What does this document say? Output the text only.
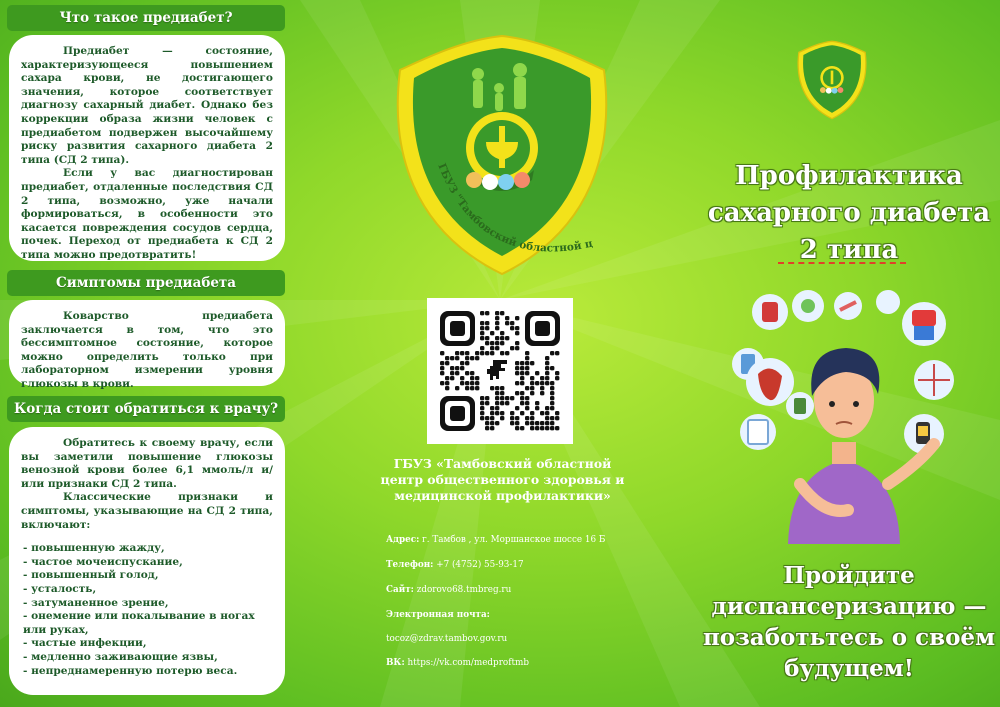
Что такое предиабет?

Предиабет — состояние, характеризующееся повышением сахара крови, не достигающего значения, которое соответствует диагнозу сахарный диабет. Однако без коррекции образа жизни человек с предиабетом подвержен высочайшему риску развития сахарного диабета 2 типа (СД 2 типа).

Если у вас диагностирован предиабет, отдаленные последствия СД 2 типа, возможно, уже начали формироваться, в особенности это касается повреждения сосудов сердца, почек. Переход от предиабета к СД 2 типа можно предотвратить!

Симптомы предиабета

Коварство предиабета заключается в том, что это бессимптомное состояние, которое можно определить только при лабораторном измерении уровня глюкозы в крови.

Когда стоит обратиться к врачу?

Обратитесь к своему врачу, если вы заметили повышение глюкозы венозной крови более 6,1 ммоль/л и/или признаки СД 2 типа.

Классические признаки и симптомы, указывающие на СД 2 типа, включают:

- повышенную жажду,
- частое мочеиспускание,
- повышенный голод,
- усталость,
- затуманенное зрение,
- онемение или покалывание в ногах или руках,
- частые инфекции,
- медленно заживающие язвы,
- непреднамеренную потерю веса.
ГБУЗ "Тамбовский областной центр
ГБУЗ «Тамбовский областной центр общественного здоровья и медицинской профилактики»
Адрес: г. Тамбов , ул. Моршанское шоссе 16 Б
Телефон: +7 (4752) 55-93-17
Сайт: zdorovo68.tmbreg.ru
Электронная почта:
tocoz@zdrav.tambov.gov.ru
ВК: https://vk.com/medproftmb
Профилактика
сахарного диабета
2 типа
Пройдите
диспансеризацию —
позаботьтесь о своём
будущем!
